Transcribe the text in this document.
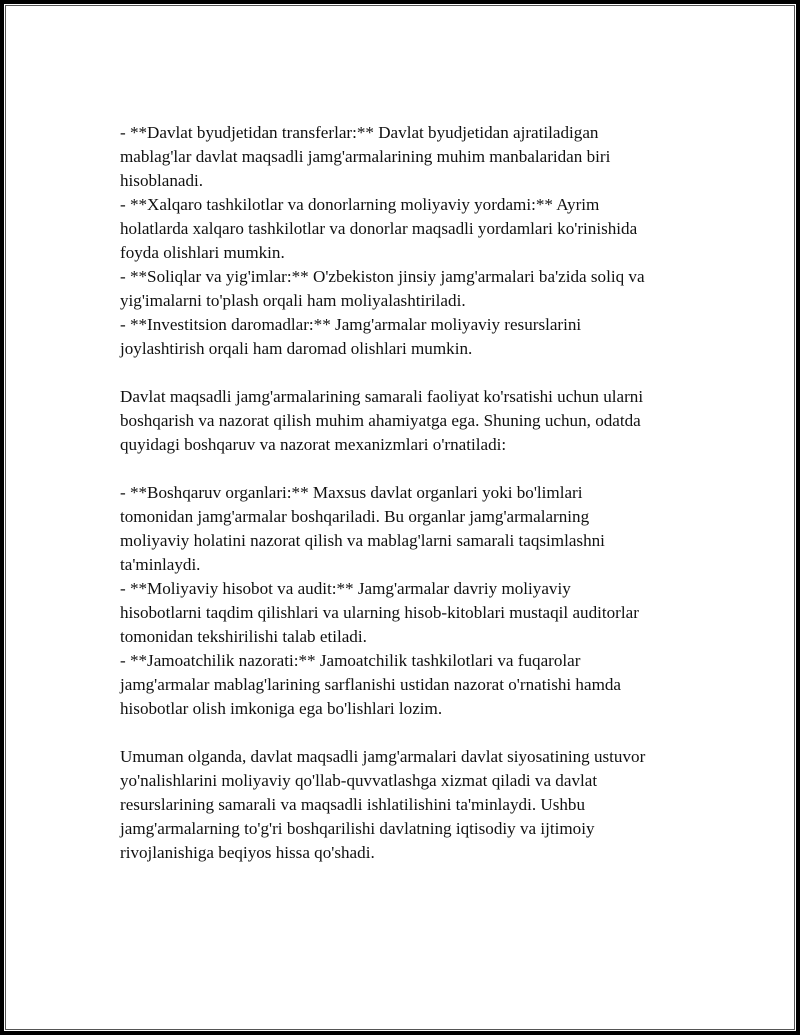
- **Davlat byudjetidan transferlar:** Davlat byudjetidan ajratiladigan
mablag'lar davlat maqsadli jamg'armalarining muhim manbalaridan biri
hisoblanadi.
- **Xalqaro tashkilotlar va donorlarning moliyaviy yordami:** Ayrim
holatlarda xalqaro tashkilotlar va donorlar maqsadli yordamlari ko'rinishida
foyda olishlari mumkin.
- **Soliqlar va yig'imlar:** O'zbekiston jinsiy jamg'armalari ba'zida soliq va
yig'imalarni to'plash orqali ham moliyalashtiriladi.
- **Investitsion daromadlar:** Jamg'armalar moliyaviy resurslarini
joylashtirish orqali ham daromad olishlari mumkin.
Davlat maqsadli jamg'armalarining samarali faoliyat ko'rsatishi uchun ularni
boshqarish va nazorat qilish muhim ahamiyatga ega. Shuning uchun, odatda
quyidagi boshqaruv va nazorat mexanizmlari o'rnatiladi:
- **Boshqaruv organlari:** Maxsus davlat organlari yoki bo'limlari
tomonidan jamg'armalar boshqariladi. Bu organlar jamg'armalarning
moliyaviy holatini nazorat qilish va mablag'larni samarali taqsimlashni
ta'minlaydi.
- **Moliyaviy hisobot va audit:** Jamg'armalar davriy moliyaviy
hisobotlarni taqdim qilishlari va ularning hisob-kitoblari mustaqil auditorlar
tomonidan tekshirilishi talab etiladi.
- **Jamoatchilik nazorati:** Jamoatchilik tashkilotlari va fuqarolar
jamg'armalar mablag'larining sarflanishi ustidan nazorat o'rnatishi hamda
hisobotlar olish imkoniga ega bo'lishlari lozim.
Umuman olganda, davlat maqsadli jamg'armalari davlat siyosatining ustuvor
yo'nalishlarini moliyaviy qo'llab-quvvatlashga xizmat qiladi va davlat
resurslarining samarali va maqsadli ishlatilishini ta'minlaydi. Ushbu
jamg'armalarning to'g'ri boshqarilishi davlatning iqtisodiy va ijtimoiy
rivojlanishiga beqiyos hissa qo'shadi.
